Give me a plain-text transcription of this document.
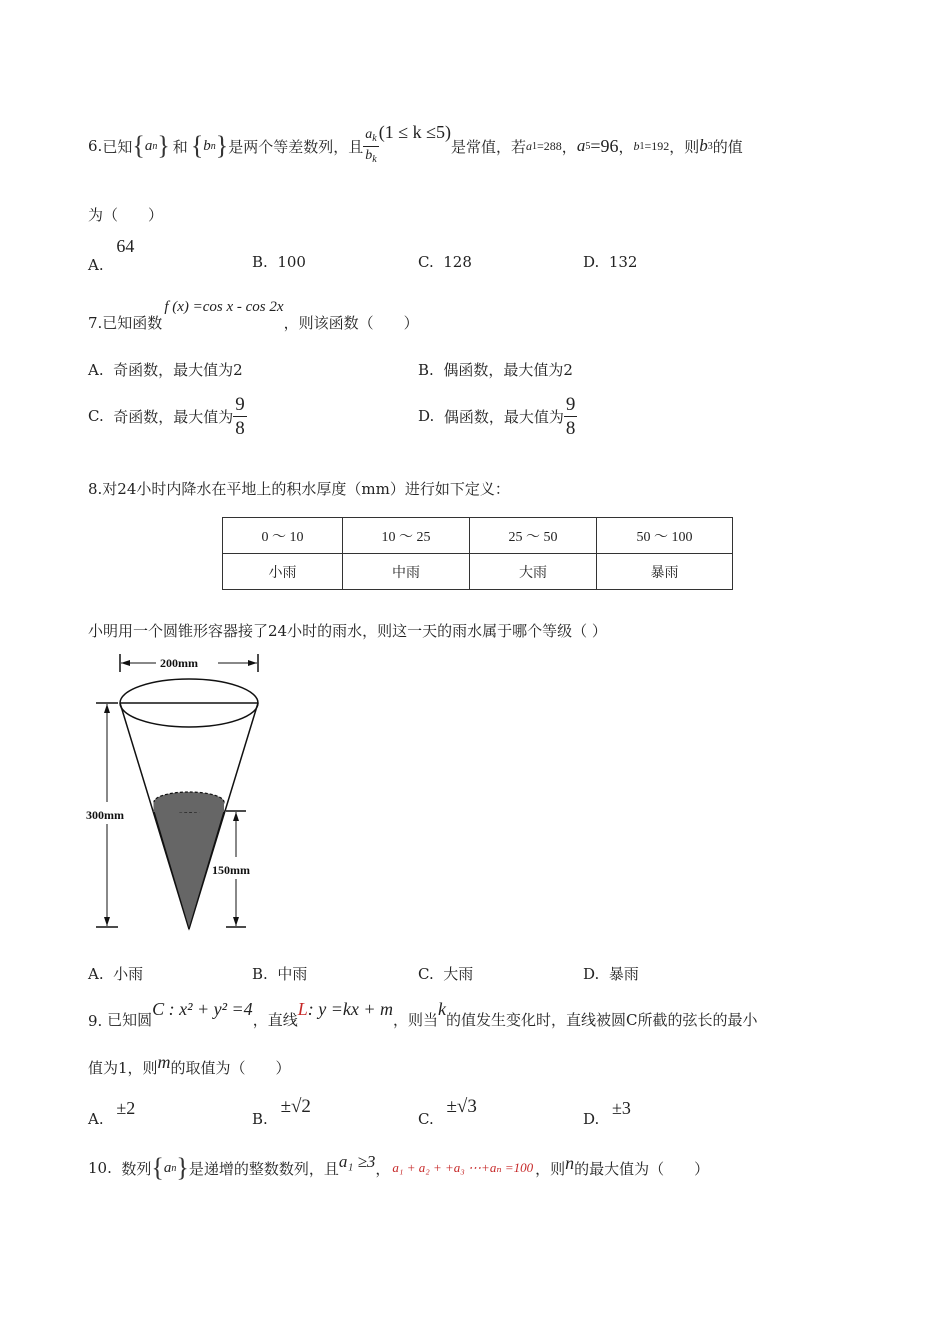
6. 已知 { a n } 和 { b n } 是两个等差数列，且 $\frac{a_k}{b_k} (1 \le k \le 5)$
是常值，若 a 1 =288 ， a 5 =96 ， b 1 =192 ，则 b 3 的值
为（　　）
A. 64
B. 100	C. 128	D. 132
7.已知函数f (x) =cos x - cos 2x，则该函数（　　）
A. 奇函数，最大值为2	B. 偶函数，最大值为2
C.
奇函数，最大值为 $\frac{9}{8}$	D.
偶函数，最大值为 $\frac{9}{8}$
8.对24小时内降水在平地上的积水厚度（mm）进行如下定义：
0 ～ 10	10 ～ 25	25 ～ 50	50 ～ 100
小雨	中雨	大雨	暴雨
小明用一个圆锥形容器接了24小时的雨水，则这一天的雨水属于哪个等级（ ）
200mm
300mm
150mm
A. 小雨	B. 中雨	C. 大雨	D. 暴雨
9.
已知圆
C : x² + y² =4
，直线
L : y =kx + m
，则当
k
的值发生变化时，直线被圆C所截的弦长的最小
值为1，则 m 的取值为（　　）
A. ±2
B. ±√2
C. ±√3
D. ±3
10.
数列 { a n } 是递增的整数数列，且 a₁ ≥3 ， a₁ + a₂ + +a₃ ⋯+aₙ =100 ，则 n 的最大值为（　　）
